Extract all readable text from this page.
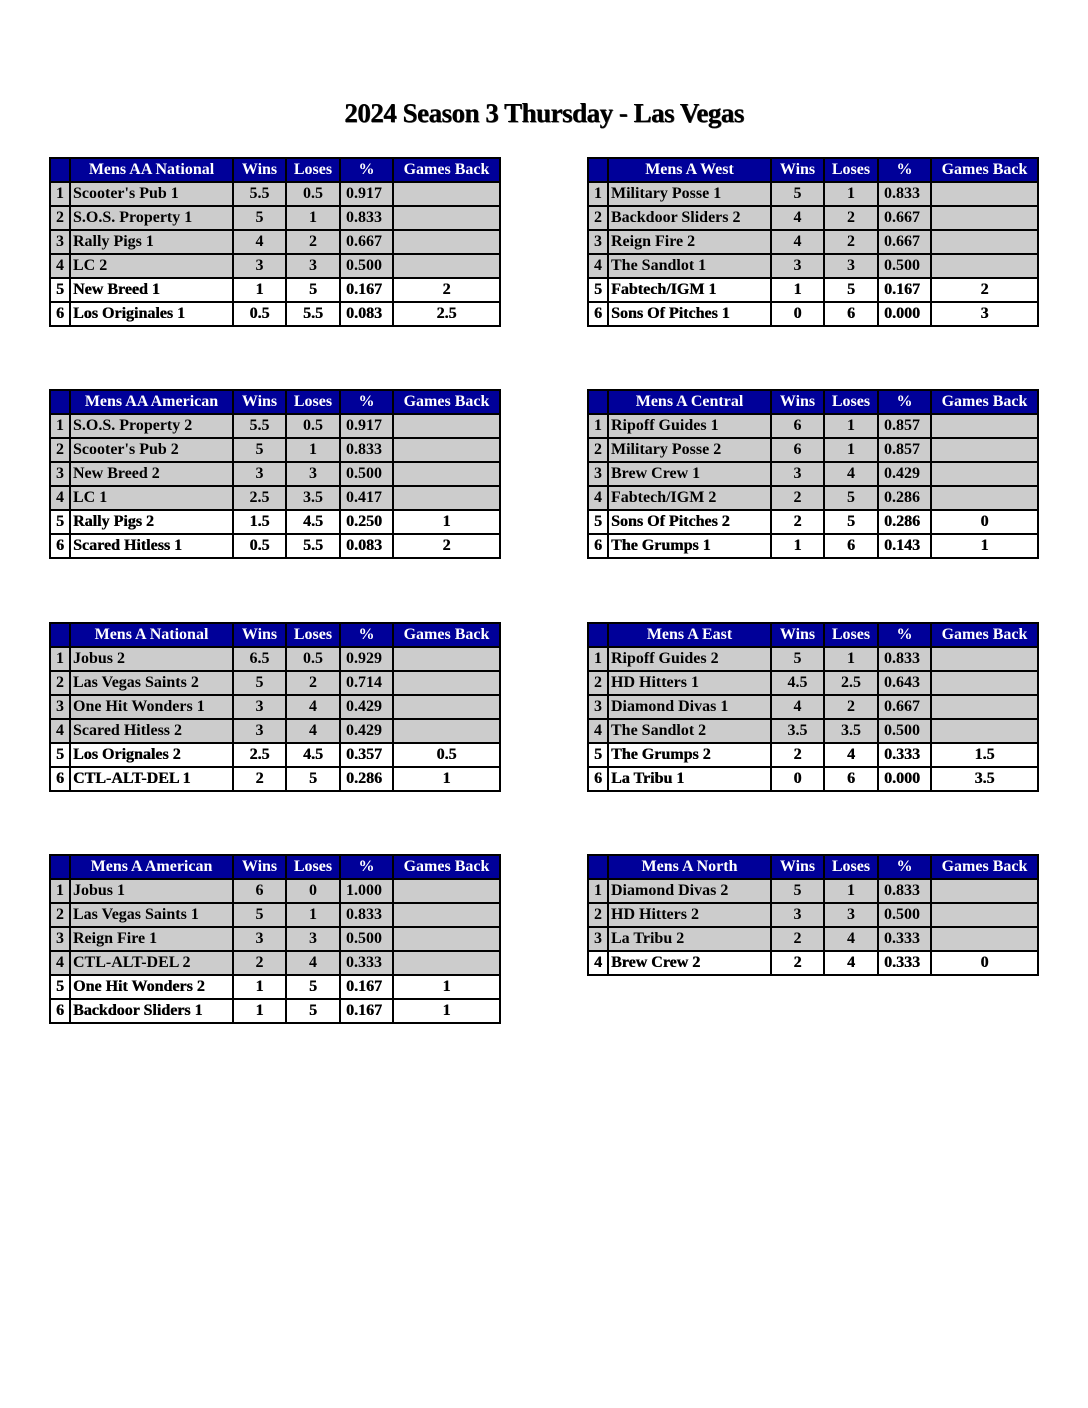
2024 Season 3 Thursday - Las Vegas
	Mens AA National	Wins	Loses	%	Games Back
1	Scooter's Pub 1	5.5	0.5	0.917	
2	S.O.S. Property 1	5	1	0.833	
3	Rally Pigs 1	4	2	0.667	
4	LC 2	3	3	0.500	
5	New Breed 1	1	5	0.167	2
6	Los Originales 1	0.5	5.5	0.083	2.5
	Mens A West	Wins	Loses	%	Games Back
1	Military Posse 1	5	1	0.833	
2	Backdoor Sliders 2	4	2	0.667	
3	Reign Fire 2	4	2	0.667	
4	The Sandlot 1	3	3	0.500	
5	Fabtech/IGM 1	1	5	0.167	2
6	Sons Of Pitches 1	0	6	0.000	3
	Mens AA American	Wins	Loses	%	Games Back
1	S.O.S. Property 2	5.5	0.5	0.917	
2	Scooter's Pub 2	5	1	0.833	
3	New Breed 2	3	3	0.500	
4	LC 1	2.5	3.5	0.417	
5	Rally Pigs 2	1.5	4.5	0.250	1
6	Scared Hitless 1	0.5	5.5	0.083	2
	Mens A Central	Wins	Loses	%	Games Back
1	Ripoff Guides 1	6	1	0.857	
2	Military Posse 2	6	1	0.857	
3	Brew Crew 1	3	4	0.429	
4	Fabtech/IGM 2	2	5	0.286	
5	Sons Of Pitches 2	2	5	0.286	0
6	The Grumps 1	1	6	0.143	1
	Mens A National	Wins	Loses	%	Games Back
1	Jobus 2	6.5	0.5	0.929	
2	Las Vegas Saints 2	5	2	0.714	
3	One Hit Wonders 1	3	4	0.429	
4	Scared Hitless 2	3	4	0.429	
5	Los Orignales 2	2.5	4.5	0.357	0.5
6	CTL-ALT-DEL 1	2	5	0.286	1
	Mens A East	Wins	Loses	%	Games Back
1	Ripoff Guides 2	5	1	0.833	
2	HD Hitters 1	4.5	2.5	0.643	
3	Diamond Divas 1	4	2	0.667	
4	The Sandlot 2	3.5	3.5	0.500	
5	The Grumps 2	2	4	0.333	1.5
6	La Tribu 1	0	6	0.000	3.5
	Mens A American	Wins	Loses	%	Games Back
1	Jobus 1	6	0	1.000	
2	Las Vegas Saints 1	5	1	0.833	
3	Reign Fire 1	3	3	0.500	
4	CTL-ALT-DEL 2	2	4	0.333	
5	One Hit Wonders 2	1	5	0.167	1
6	Backdoor Sliders 1	1	5	0.167	1
	Mens A North	Wins	Loses	%	Games Back
1	Diamond Divas 2	5	1	0.833	
2	HD Hitters 2	3	3	0.500	
3	La Tribu 2	2	4	0.333	
4	Brew Crew 2	2	4	0.333	0
